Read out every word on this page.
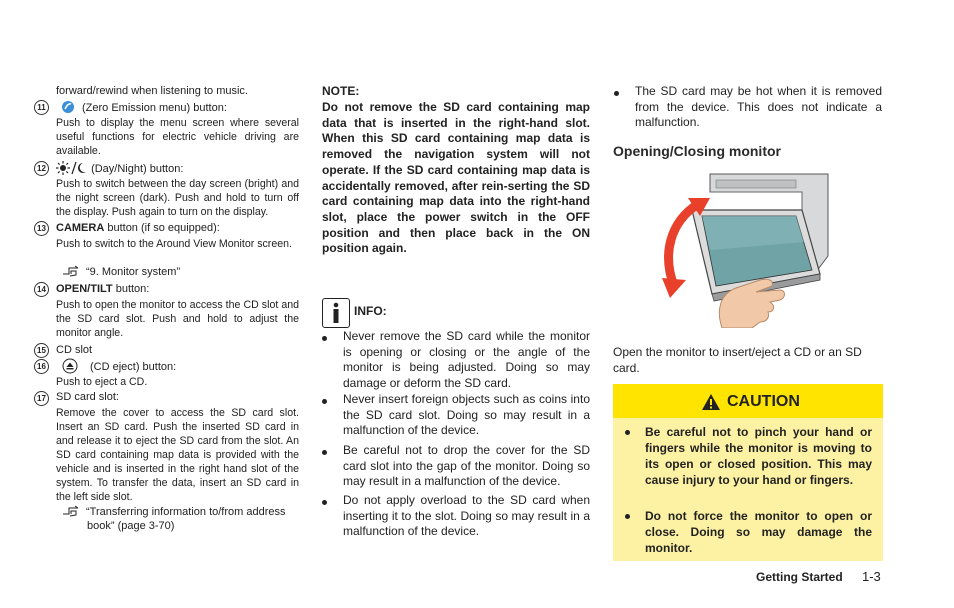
forward/rewind when listening to music.
11	(Zero Emission menu) button:
Push to display the menu screen where several useful functions for electric vehicle driving are available.
12	(Day/Night) button:
Push to switch between the day screen (bright) and the night screen (dark). Push and hold to turn off the display. Push again to turn on the display.
13 CAMERA button (if so equipped):
Push to switch to the Around View Monitor screen.
“9. Monitor system”
14 OPEN/TILT button:
Push to open the monitor to access the CD slot and the SD card slot. Push and hold to adjust the monitor angle.
15 CD slot
16	(CD eject) button:
Push to eject a CD.
17 SD card slot:
Remove the cover to access the SD card slot. Insert an SD card. Push the inserted SD card in and release it to eject the SD card from the slot. An SD card containing map data is provided with the vehicle and is inserted in the right hand slot of the system. To transfer the data, insert an SD card in the left side slot.
“Transferring information to/from address
book” (page 3-70)
NOTE:
Do not remove the SD card containing map data that is inserted in the right-hand slot. When this SD card containing map data is removed the navigation system will not operate. If the SD card containing map data is accidentally removed, after rein-serting the SD card containing map data into the right-hand slot, place the power switch in the OFF position and then place back in the ON position again.
INFO:
Never remove the SD card while the monitor is opening or closing or the angle of the monitor is being adjusted. Doing so may damage or deform the SD card.
Never insert foreign objects such as coins into the SD card slot. Doing so may result in a malfunction of the device.
Be careful not to drop the cover for the SD card slot into the gap of the monitor. Doing so may result in a malfunction of the device.
Do not apply overload to the SD card when inserting it to the slot. Doing so may result in a malfunction of the device.
The SD card may be hot when it is removed from the device. This does not indicate a malfunction.
Opening/Closing monitor
Open the monitor to insert/eject a CD or an SD card.
CAUTION
Be careful not to pinch your hand or fingers while the monitor is moving to its open or closed position. This may cause injury to your hand or fingers.
Do not force the monitor to open or close. Doing so may damage the monitor.
Getting Started 1-3
